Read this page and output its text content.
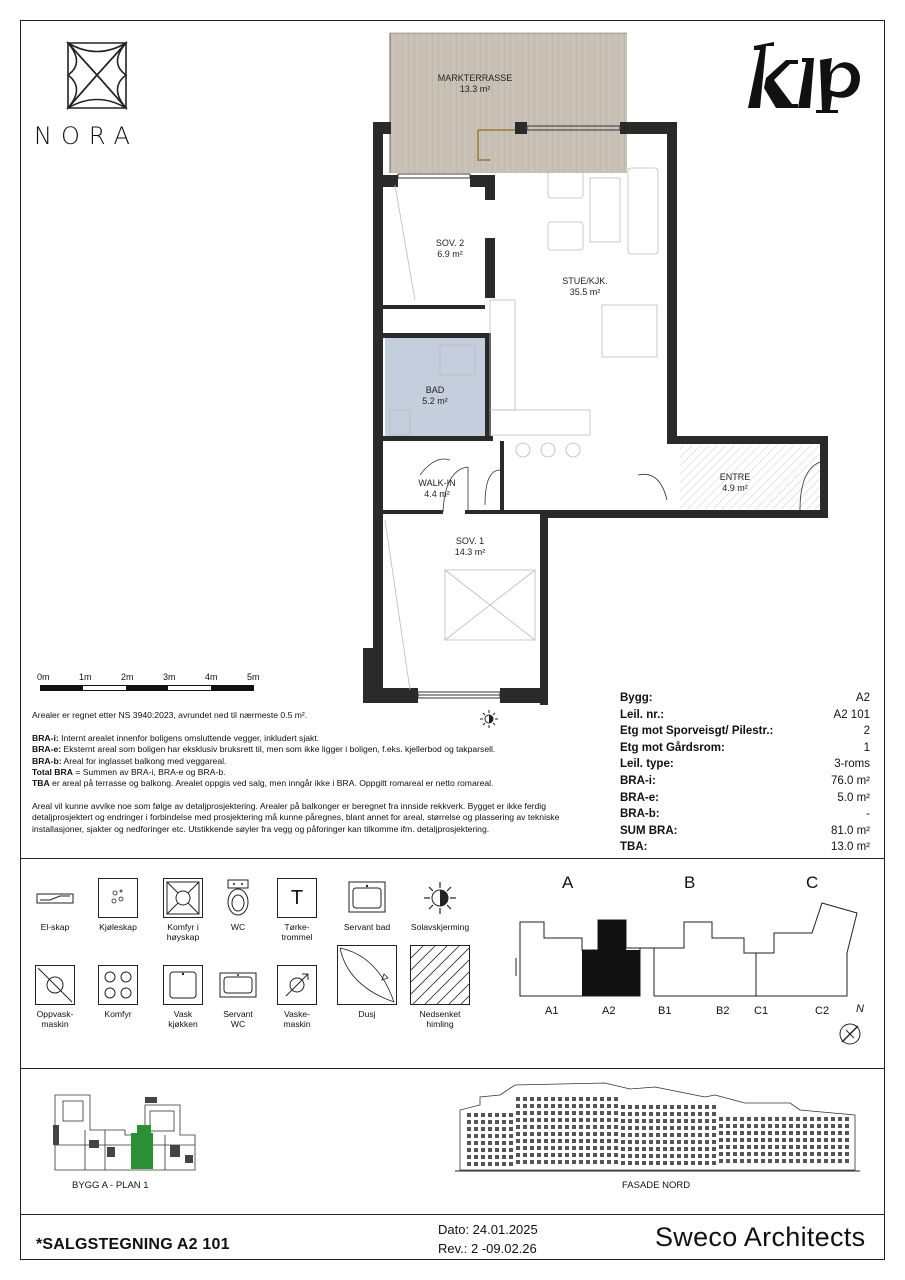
NORA
MARKTERRASSE
13.3 m²
SOV. 2
6.9 m²
STUE/KJK.
35.5 m²
BAD
5.2 m²
WALK-IN
4.4 m²
ENTRE
4.9 m²
SOV. 1
14.3 m²
0m	1m	2m	3m	4m	5m

Arealer er regnet etter NS 3940:2023, avrundet ned til nærmeste 0.5 m².

BRA-i: Internt arealet innenfor boligens omsluttende vegger, inkludert sjakt.

BRA-e: Eksternt areal som boligen har eksklusiv bruksrett til, men som ikke ligger i boligen, f.eks. kjellerbod og takparsell.

BRA-b: Areal for inglasset balkong med veggareal.

Total BRA = Summen av BRA-i, BRA-e og BRA-b.

TBA er areal på terrasse og balkong. Arealet oppgis ved salg, men inngår ikke i BRA. Oppgitt romareal er netto romareal.

Areal vil kunne avvike noe som følge av detaljprosjektering. Arealer på balkonger er beregnet fra innside rekkverk. Bygget er ikke ferdig detaljprosjektert og endringer i forbindelse med prosjektering må kunne påregnes, blant annet for areal, størrelse og plassering av tekniske installasjoner, sjakter og nedforinger etc. Utstikkende søyler fra vegg og påforinger kan tilkomme ifm. detaljprosjektering.

Bygg:	A2
Leil. nr.:	A2 101
Etg mot Sporveisgt/ Pilestr.:	2
Etg mot Gårdsrom:	1
Leil. type:	3-roms
BRA-i:	76.0 m²
BRA-e:	5.0 m²
BRA-b:	-
SUM BRA:	81.0 m²
TBA:	13.0 m²
El-skap	Kjøleskap	Komfyr i
høyskap
WC
T
Tørke-
trommel
Servant bad	Solavskjerming
Oppvask-
maskin
Komfyr	Vask
kjøkken
Servant
WC
Vaske-
maskin
Dusj	Nedsenket
himling
A	B	C
A1	A2	B1	B2 C1	C2 N
BYGG A - PLAN 1	FASADE NORD
*SALGSTEGNING A2 101
Dato: 24.01.2025
Rev.: 2 -09.02.26	Sweco Architects
